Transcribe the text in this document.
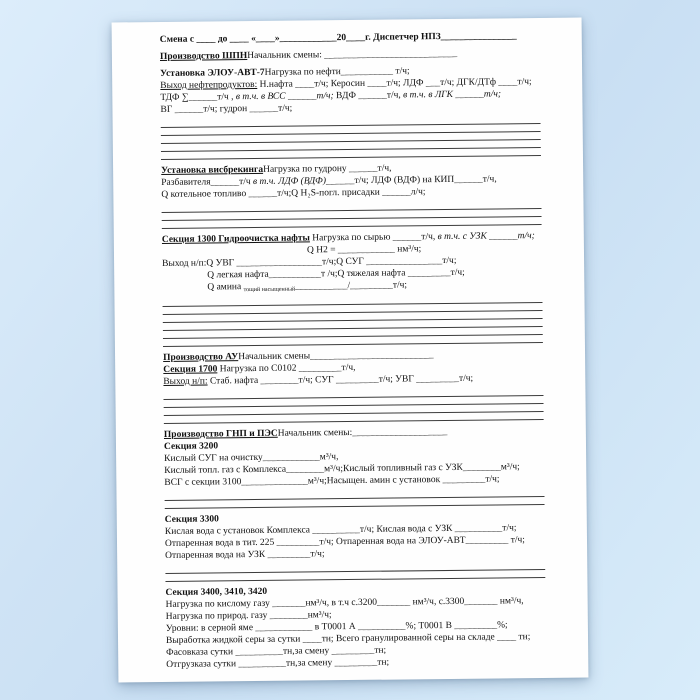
Смена с ____ до ____ «____»____________20____г. Диспетчер НПЗ________________
Производство ШПННачальник смены: ____________________________
Установка ЭЛОУ-АВТ-7Нагрузка по нефти___________ т/ч;
Выход нефтепродуктов: Н.нафта ____т/ч; Керосин ____т/ч; ЛДФ ___т/ч; ДГК/ДТф ____т/ч;
ТДФ ∑______т/ч , в т.ч. в ВСС ______т/ч; ВДФ ______т/ч, в т.ч. в ЛГК ______т/ч;
ВГ ______т/ч; гудрон ______т/ч;
Установка висбрекингаНагрузка по гудрону ______т/ч,
Разбавителя______т/ч в т.ч. ЛДФ (ВДФ)______т/ч; ЛДФ (ВДФ) на КИП______т/ч,
Q котельное топливо ______т/ч;Q H₂S-погл. присадки ______л/ч;
Секция 1300 Гидроочистка нафты Нагрузка по сырью ______т/ч, в т.ч. с УЗК ______т/ч;
Q H2 = ____________ нм³/ч;
Выход н/п:Q УВГ __________________т/ч;Q СУГ ________________т/ч;
Q легкая нафта___________т /ч;Q тяжелая нафта _________т/ч;
Q амина тощий насыщенный___________/_________т/ч;
Производство АУНачальник смены__________________________
Секция 1700 Нагрузка по С0102 _________т/ч,
Выход н/п: Стаб. нафта ________т/ч; СУГ _________т/ч; УВГ _________т/ч;
Производство ГНП и ПЭСНачальник смены:____________________
Секция 3200
Кислый СУГ на очистку____________м³/ч,
Кислый топл. газ с Комплекса________м³/ч;Кислый топливный газ с УЗК________м³/ч;
ВСГ с секции 3100______________м³/ч;Насыщен. амин с установок _________т/ч;
Секция 3300
Кислая вода с установок Комплекса __________т/ч; Кислая вода с УЗК __________т/ч;
Отпаренная вода в тит. 225 _________т/ч; Отпаренная вода на ЭЛОУ-АВТ_________ т/ч;
Отпаренная вода на УЗК _________т/ч;
Секция 3400, 3410, 3420
Нагрузка по кислому газу _______нм³/ч, в т.ч с.3200_______ нм³/ч, с.3300_______ нм³/ч,
Нагрузка по природ. газу ________нм³/ч;
Уровни: в серной яме ____________ в Т0001 А __________%; Т0001 В _________%;
Выработка жидкой серы за сутки ____тн; Всего гранулированной серы на складе ____ тн;
Фасовказа сутки __________тн,за смену _________тн;
Отгрузказа сутки __________тн,за смену _________тн;
